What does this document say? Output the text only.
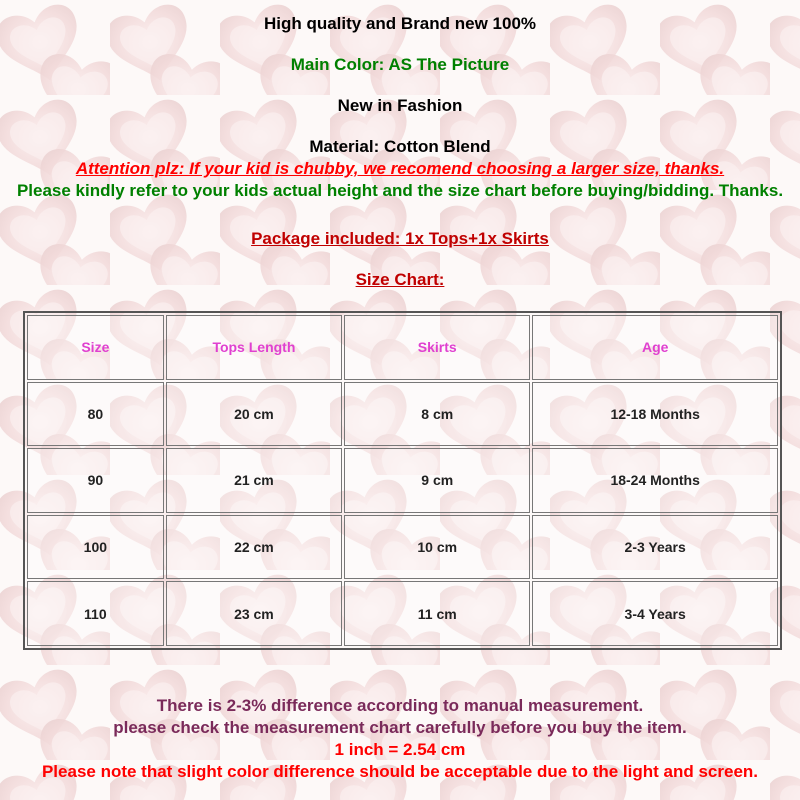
High quality and Brand new 100%
Main Color: AS The Picture
New in Fashion
Material: Cotton Blend
Attention plz: If your kid is chubby, we recomend choosing a larger size, thanks.
Please kindly refer to your kids actual height and the size chart before buying/bidding. Thanks.
Package included: 1x Tops+1x Skirts
Size Chart:
Size	Tops Length	Skirts	Age
80	20 cm	8 cm	12-18 Months
90	21 cm	9 cm	18-24 Months
100	22 cm	10 cm	2-3 Years
110	23 cm	11 cm	3-4 Years
There is 2-3% difference according to manual measurement.
please check the measurement chart carefully before you buy the item.
1 inch = 2.54 cm
Please note that slight color difference should be acceptable due to the light and screen.
